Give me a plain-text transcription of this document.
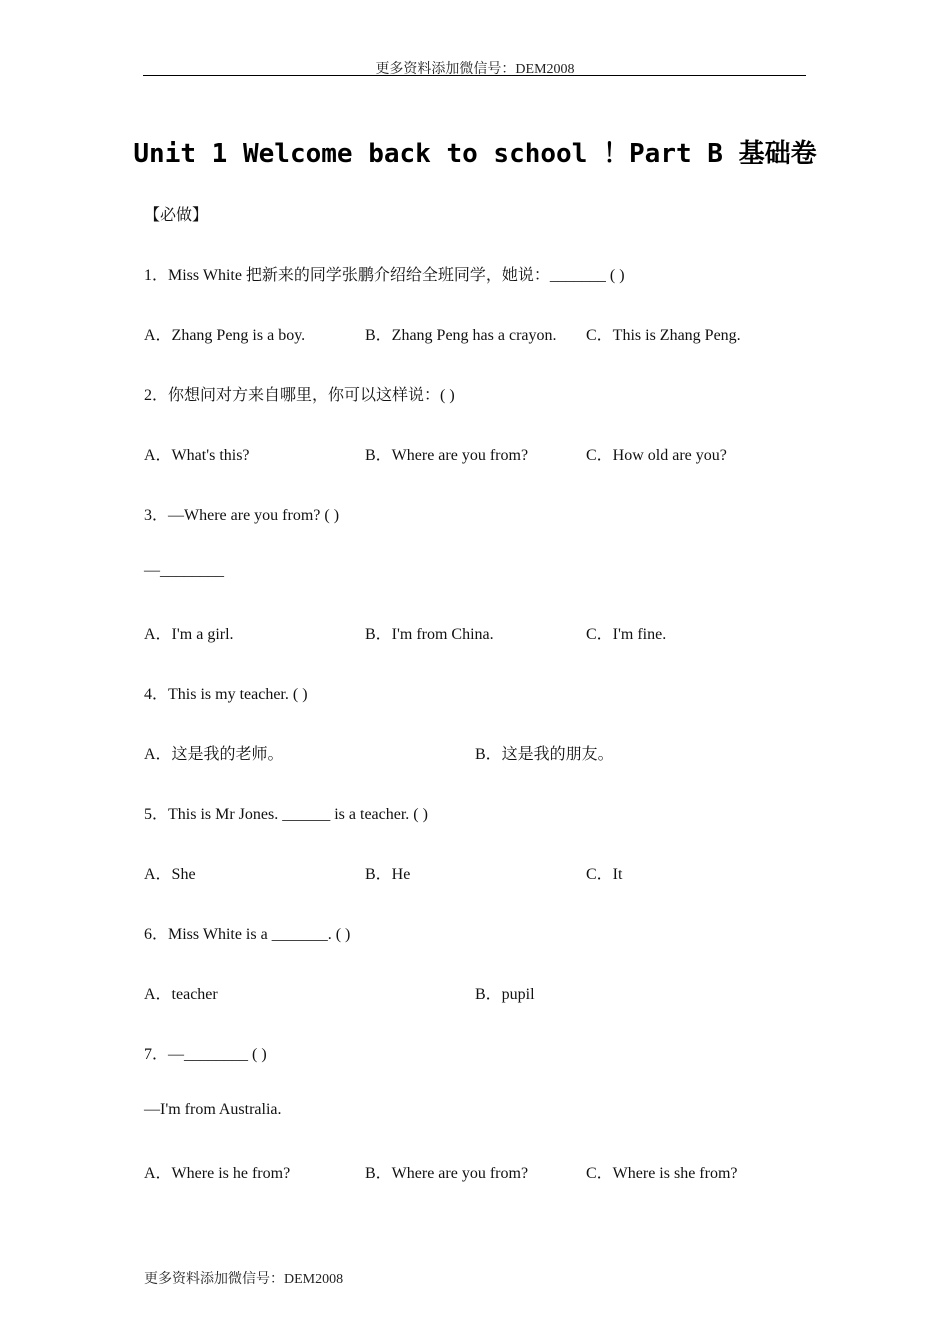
更多资料添加微信号：DEM2008
Unit 1 Welcome back to school ！Part B 基础卷
【必做】
1．Miss White 把新来的同学张鹏介绍给全班同学，她说：_______ ( )
A．Zhang Peng is a boy.	B．Zhang Peng has a crayon. C．This is Zhang Peng.
2．你想问对方来自哪里，你可以这样说：( )
A．What's this?	B．Where are you from?	C．How old are you?
3．—Where are you from? ( )
—________
A．I'm a girl.	B．I'm from China.	C．I'm fine.
4．This is my teacher. ( )
A．这是我的老师。	B．这是我的朋友。
5．This is Mr Jones. ______ is a teacher. ( )
A．She	B．He	C．It
6．Miss White is a _______. ( )
A．teacher	B．pupil
7．—________ ( )
—I'm from Australia.
A．Where is he from?	B．Where are you from?	C．Where is she from?
更多资料添加微信号：DEM2008
